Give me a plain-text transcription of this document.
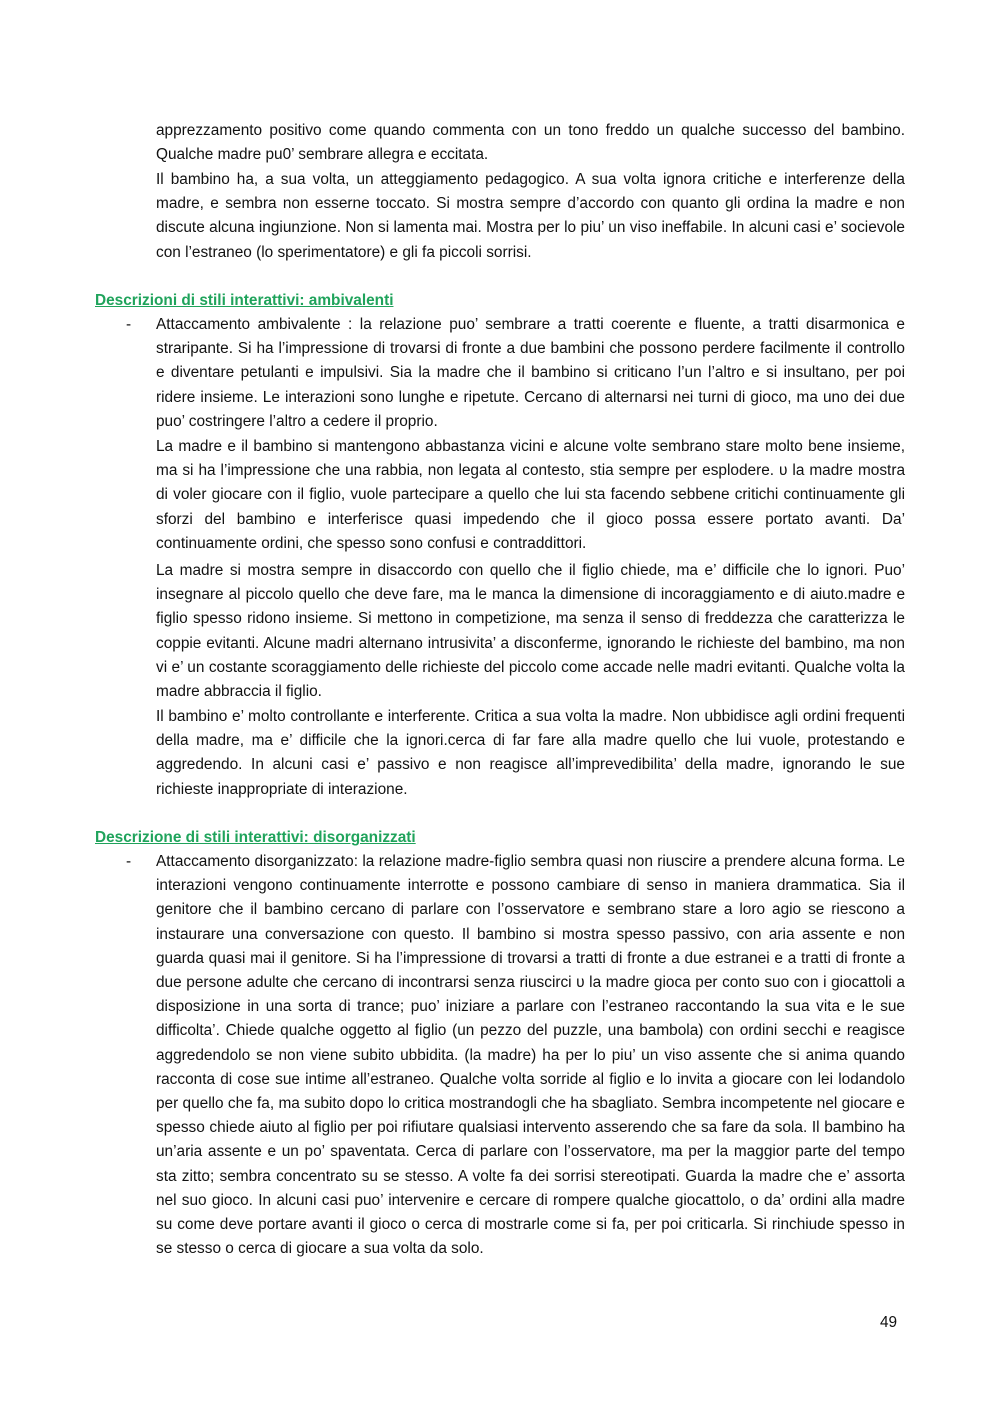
apprezzamento positivo come quando commenta con un tono freddo un qualche successo del bambino. Qualche madre pu0’ sembrare allegra e eccitata.

Il bambino ha, a sua volta, un atteggiamento pedagogico. A sua volta ignora critiche e interferenze della madre, e sembra non esserne toccato. Si mostra sempre d’accordo con quanto gli ordina la madre e non discute alcuna ingiunzione. Non si lamenta mai. Mostra per lo piu’ un viso ineffabile. In alcuni casi e’ socievole con l’estraneo (lo sperimentatore) e gli fa piccoli sorrisi.

Descrizioni di stili interattivi: ambivalenti

- Attaccamento ambivalente : la relazione puo’ sembrare a tratti coerente e fluente, a tratti disarmonica e straripante. Si ha l’impressione di trovarsi di fronte a due bambini che possono perdere facilmente il controllo e diventare petulanti e impulsivi. Sia la madre che il bambino si criticano l’un l’altro e si insultano, per poi ridere insieme. Le interazioni sono lunghe e ripetute. Cercano di alternarsi nei turni di gioco, ma uno dei due puo’ costringere l’altro a cedere il proprio.

La madre e il bambino si mantengono abbastanza vicini e alcune volte sembrano stare molto bene insieme, ma si ha l’impressione che una rabbia, non legata al contesto, stia sempre per esplodere. υ la madre mostra di voler giocare con il figlio, vuole partecipare a quello che lui sta facendo sebbene critichi continuamente gli sforzi del bambino e interferisce quasi impedendo che il gioco possa essere portato avanti. Da’ continuamente ordini, che spesso sono confusi e contraddittori.

La madre si mostra sempre in disaccordo con quello che il figlio chiede, ma e’ difficile che lo ignori. Puo’ insegnare al piccolo quello che deve fare, ma le manca la dimensione di incoraggiamento e di aiuto.madre e figlio spesso ridono insieme. Si mettono in competizione, ma senza il senso di freddezza che caratterizza le coppie evitanti. Alcune madri alternano intrusivita’ a disconferme, ignorando le richieste del bambino, ma non vi e’ un costante scoraggiamento delle richieste del piccolo come accade nelle madri evitanti. Qualche volta la madre abbraccia il figlio.

Il bambino e’ molto controllante e interferente. Critica a sua volta la madre. Non ubbidisce agli ordini frequenti della madre, ma e’ difficile che la ignori.cerca di far fare alla madre quello che lui vuole, protestando e aggredendo. In alcuni casi e’ passivo e non reagisce all’imprevedibilita’ della madre, ignorando le sue richieste inappropriate di interazione.

Descrizione di stili interattivi: disorganizzati

- Attaccamento disorganizzato: la relazione madre-figlio sembra quasi non riuscire a prendere alcuna forma. Le interazioni vengono continuamente interrotte e possono cambiare di senso in maniera drammatica. Sia il genitore che il bambino cercano di parlare con l’osservatore e sembrano stare a loro agio se riescono a instaurare una conversazione con questo. Il bambino si mostra spesso passivo, con aria assente e non guarda quasi mai il genitore. Si ha l’impressione di trovarsi a tratti di fronte a due estranei e a tratti di fronte a due persone adulte che cercano di incontrarsi senza riuscirci υ la madre gioca per conto suo con i giocattoli a disposizione in una sorta di trance; puo’ iniziare a parlare con l’estraneo raccontando la sua vita e le sue difficolta’. Chiede qualche oggetto al figlio (un pezzo del puzzle, una bambola) con ordini secchi e reagisce aggredendolo se non viene subito ubbidita. (la madre) ha per lo piu’ un viso assente che si anima quando racconta di cose sue intime all’estraneo. Qualche volta sorride al figlio e lo invita a giocare con lei lodandolo per quello che fa, ma subito dopo lo critica mostrandogli che ha sbagliato. Sembra incompetente nel giocare e spesso chiede aiuto al figlio per poi rifiutare qualsiasi intervento asserendo che sa fare da sola. Il bambino ha un’aria assente e un po’ spaventata. Cerca di parlare con l’osservatore, ma per la maggior parte del tempo sta zitto; sembra concentrato su se stesso. A volte fa dei sorrisi stereotipati. Guarda la madre che e’ assorta nel suo gioco. In alcuni casi puo’ intervenire e cercare di rompere qualche giocattolo, o da’ ordini alla madre su come deve portare avanti il gioco o cerca di mostrarle come si fa, per poi criticarla. Si rinchiude spesso in se stesso o cerca di giocare a sua volta da solo.

49
